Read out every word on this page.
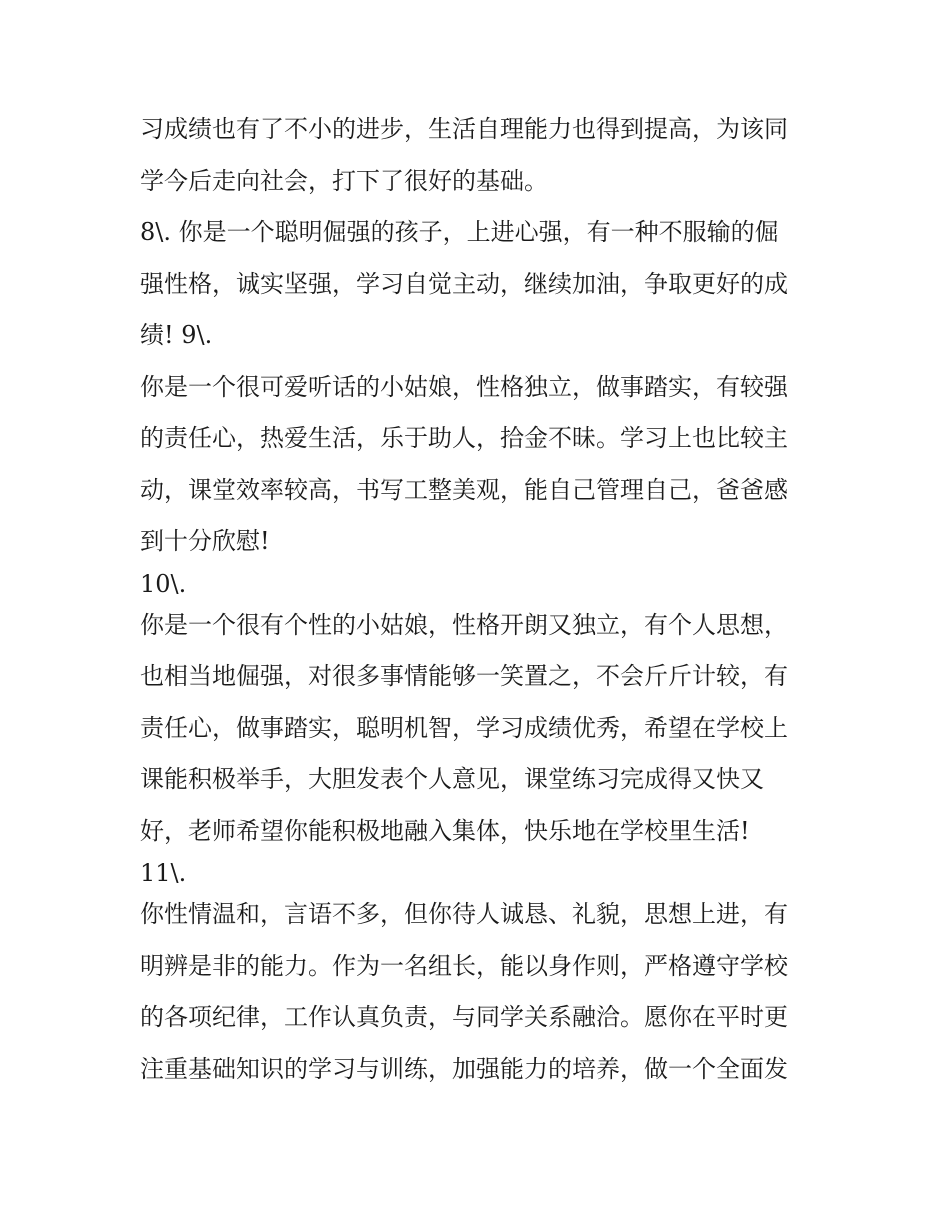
习成绩也有了不小的进步，生活自理能力也得到提高，为该同
学今后走向社会，打下了很好的基础。
8\. 你是一个聪明倔强的孩子，上进心强，有一种不服输的倔
强性格，诚实坚强，学习自觉主动，继续加油，争取更好的成
绩! 9\.
你是一个很可爱听话的小姑娘，性格独立，做事踏实，有较强
的责任心，热爱生活，乐于助人，拾金不昧。学习上也比较主
动，课堂效率较高，书写工整美观，能自己管理自己，爸爸感
到十分欣慰!
10\.
你是一个很有个性的小姑娘，性格开朗又独立，有个人思想，
也相当地倔强，对很多事情能够一笑置之，不会斤斤计较，有
责任心，做事踏实，聪明机智，学习成绩优秀，希望在学校上
课能积极举手，大胆发表个人意见，课堂练习完成得又快又
好，老师希望你能积极地融入集体，快乐地在学校里生活!
11\.
你性情温和，言语不多，但你待人诚恳、礼貌，思想上进，有
明辨是非的能力。作为一名组长，能以身作则，严格遵守学校
的各项纪律，工作认真负责，与同学关系融洽。愿你在平时更
注重基础知识的学习与训练，加强能力的培养，做一个全面发
